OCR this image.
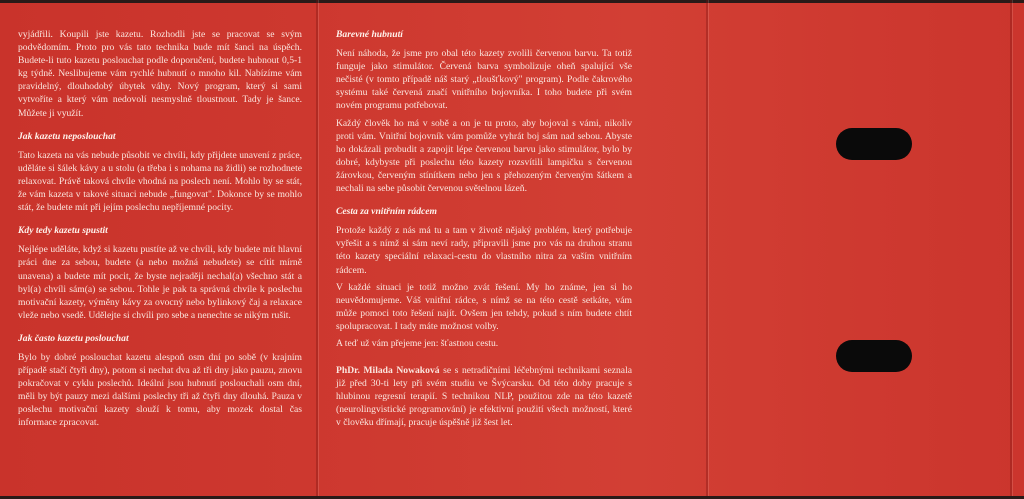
vyjádřili. Koupili jste kazetu. Rozhodli jste se pracovat se svým podvědomím. Proto pro vás tato technika bude mít šanci na úspěch. Budete-li tuto kazetu poslouchat podle doporučení, budete hubnout 0,5-1 kg týdně. Neslibujeme vám rychlé hubnutí o mnoho kil. Nabízíme vám pravidelný, dlouhodobý úbytek váhy. Nový program, který si sami vytvoříte a který vám nedovolí nesmyslně tloustnout. Tady je šance. Můžete ji využít.

Jak kazetu neposlouchat

Tato kazeta na vás nebude působit ve chvíli, kdy přijdete unavení z práce, uděláte si šálek kávy a u stolu (a třeba i s nohama na židli) se rozhodnete relaxovat. Právě taková chvíle vhodná na poslech není. Mohlo by se stát, že vám kazeta v takové situaci nebude „fungovat". Dokonce by se mohlo stát, že budete mít při jejím poslechu nepříjemné pocity.

Kdy tedy kazetu spustit

Nejlépe uděláte, když si kazetu pustíte až ve chvíli, kdy budete mít hlavní práci dne za sebou, budete (a nebo možná nebudete) se cítit mírně unavena) a budete mít pocit, že byste nejraději nechal(a) všechno stát a byl(a) chvíli sám(a) se sebou. Tohle je pak ta správná chvíle k poslechu motivační kazety, výměny kávy za ovocný nebo bylinkový čaj a relaxace vleže nebo vsedě. Udělejte si chvíli pro sebe a nenechte se nikým rušit.

Jak často kazetu poslouchat

Bylo by dobré poslouchat kazetu alespoň osm dní po sobě (v krajním případě stačí čtyři dny), potom si nechat dva až tři dny jako pauzu, znovu pokračovat v cyklu poslechů. Ideální jsou hubnutí poslouchali osm dní, měli by být pauzy mezi dalšími poslechy tři až čtyři dny dlouhá. Pauza v poslechu motivační kazety slouží k tomu, aby mozek dostal čas informace zpracovat.

Barevné hubnutí

Není náhoda, že jsme pro obal této kazety zvolili červenou barvu. Ta totiž funguje jako stimulátor. Červená barva symbolizuje oheň spalující vše nečisté (v tomto případě náš starý „tloušťkový" program). Podle čakrového systému také červená značí vnitřního bojovníka. I toho budete při svém novém programu potřebovat.

Každý člověk ho má v sobě a on je tu proto, aby bojoval s vámi, nikoliv proti vám. Vnitřní bojovník vám pomůže vyhrát boj sám nad sebou. Abyste ho dokázali probudit a zapojit lépe červenou barvu jako stimulátor, bylo by dobré, kdybyste při poslechu této kazety rozsvítili lampičku s červenou žárovkou, červeným stínítkem nebo jen s přehozeným červeným šátkem a nechali na sebe působit červenou světelnou lázeň.

Cesta za vnitřním rádcem

Protože každý z nás má tu a tam v životě nějaký problém, který potřebuje vyřešit a s nímž si sám neví rady, připravili jsme pro vás na druhou stranu této kazety speciální relaxaci-cestu do vlastního nitra za vaším vnitřním rádcem.

V každé situaci je totiž možno zvát řešení. My ho známe, jen si ho neuvědomujeme. Váš vnitřní rádce, s nímž se na této cestě setkáte, vám může pomoci toto řešení najít. Ovšem jen tehdy, pokud s ním budete chtít spolupracovat. I tady máte možnost volby.

A teď už vám přejeme jen: šťastnou cestu.

PhDr. Milada Nowaková se s netradičními léčebnými technikami seznala již před 30-ti lety při svém studiu ve Švýcarsku. Od této doby pracuje s hlubinou regresní terapií. S technikou NLP, použitou zde na této kazetě (neurolingvistické programování) je efektivní použití všech možností, které v člověku dřímají, pracuje úspěšně již šest let.
